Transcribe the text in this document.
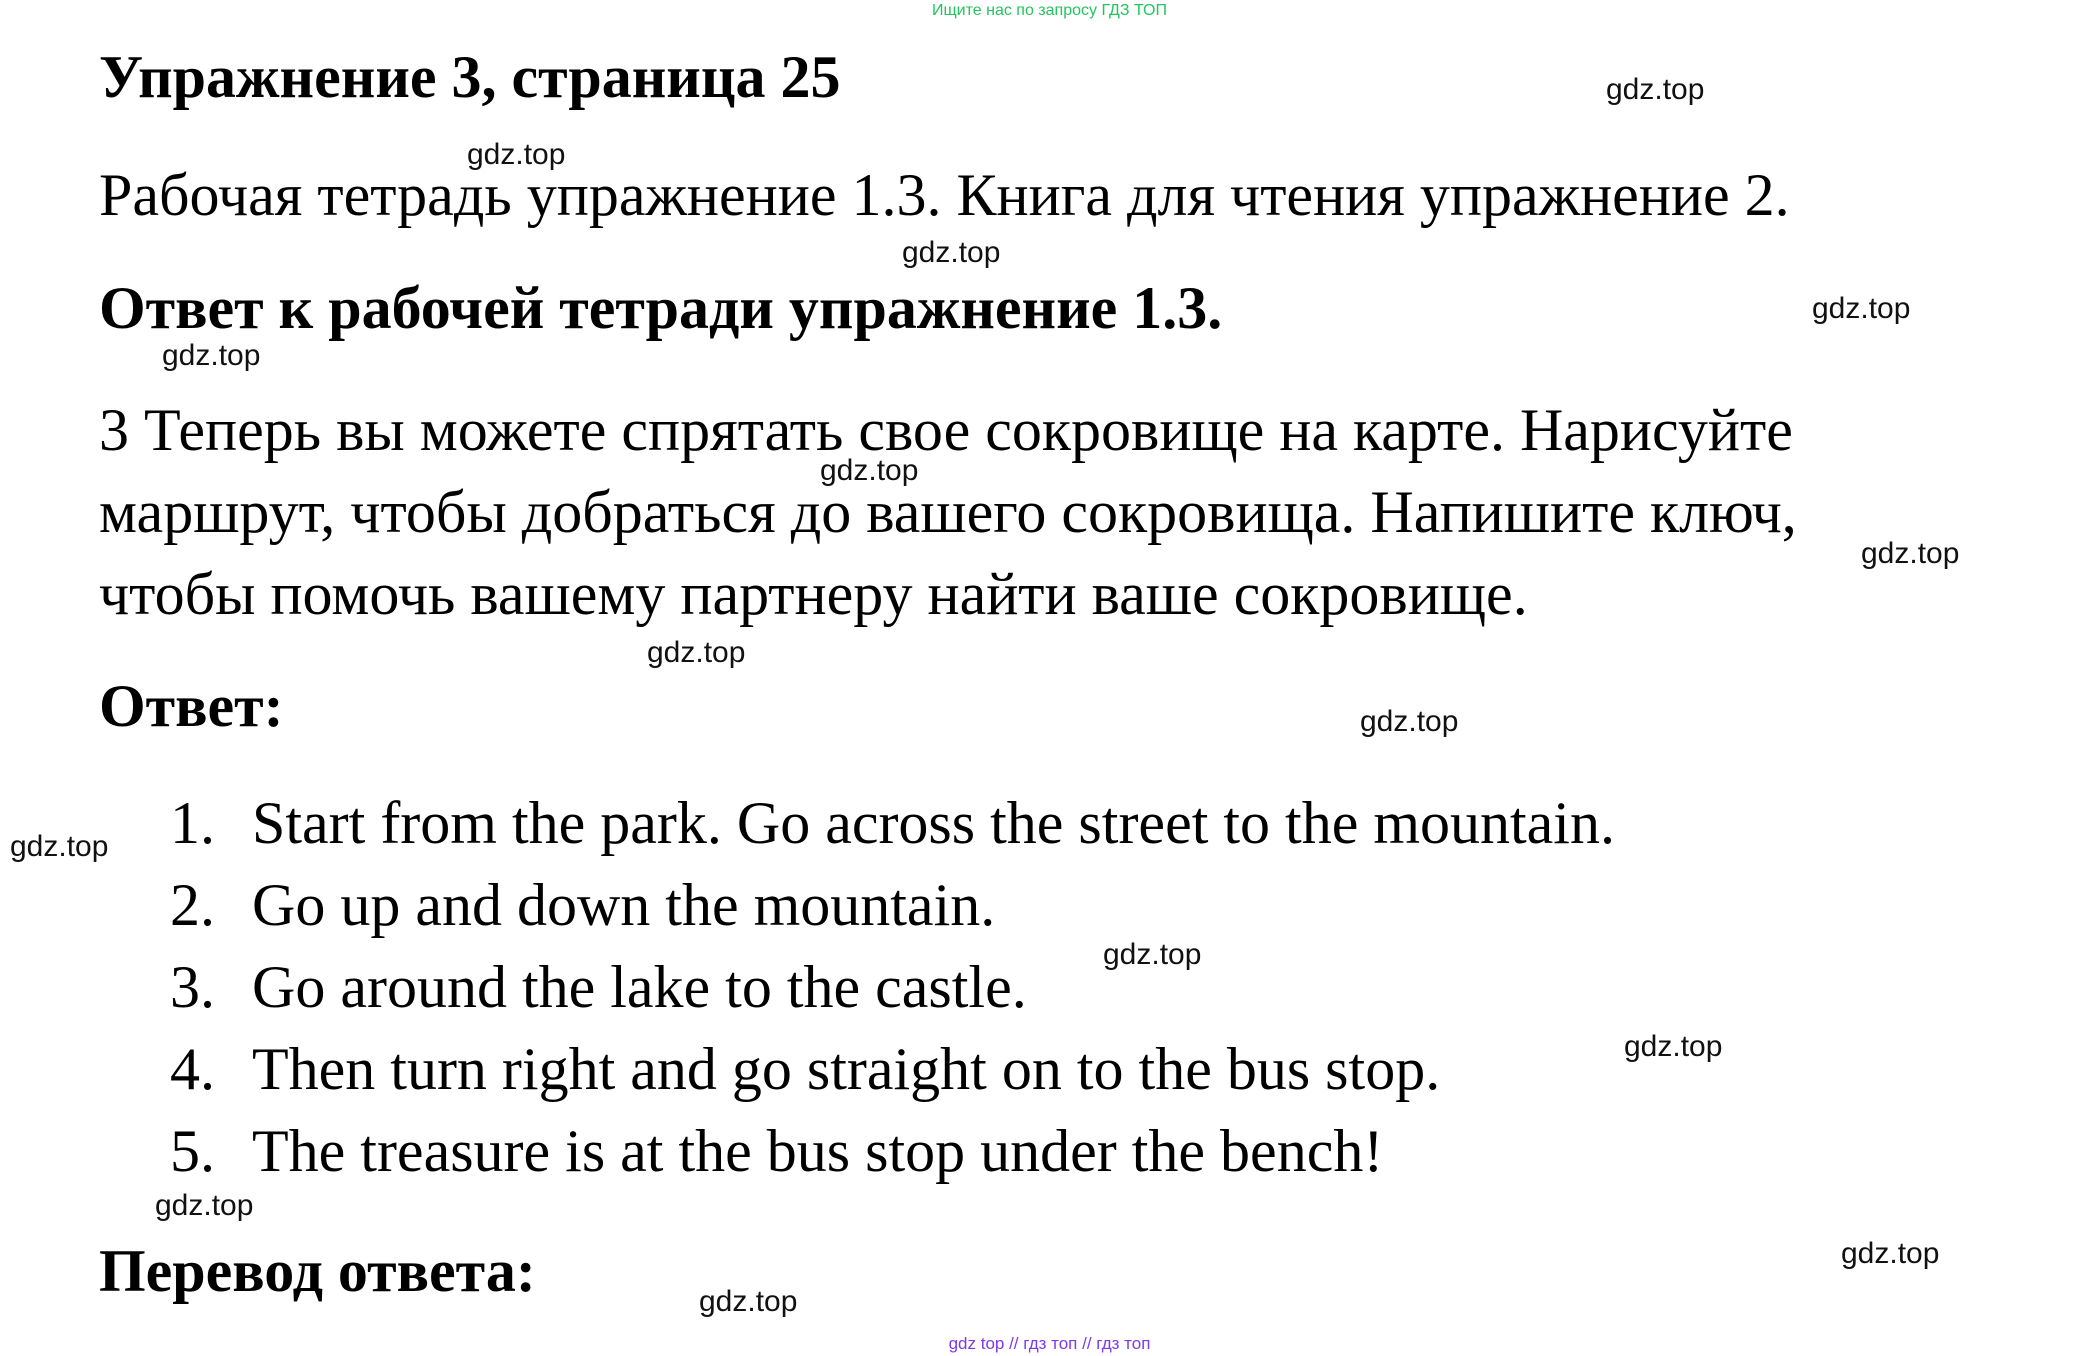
Ищите нас по запросу ГДЗ ТОП
Упражнение 3, страница 25
Рабочая тетрадь упражнение 1.3. Книга для чтения упражнение 2.
Ответ к рабочей тетради упражнение 1.3.
3 Теперь вы можете спрятать свое сокровище на карте. Нарисуйте
маршрут, чтобы добраться до вашего сокровища. Напишите ключ,
чтобы помочь вашему партнеру найти ваше сокровище.
Ответ:
1. Start from the park. Go across the street to the mountain.
2. Go up and down the mountain.
3. Go around the lake to the castle.
4. Then turn right and go straight on to the bus stop.
5. The treasure is at the bus stop under the bench!
Перевод ответа:
gdz.top
gdz.top
gdz.top
gdz.top
gdz.top
gdz.top
gdz.top
gdz.top
gdz.top
gdz.top
gdz.top
gdz.top
gdz.top
gdz.top
gdz.top
gdz top // гдз топ // гдз топ
